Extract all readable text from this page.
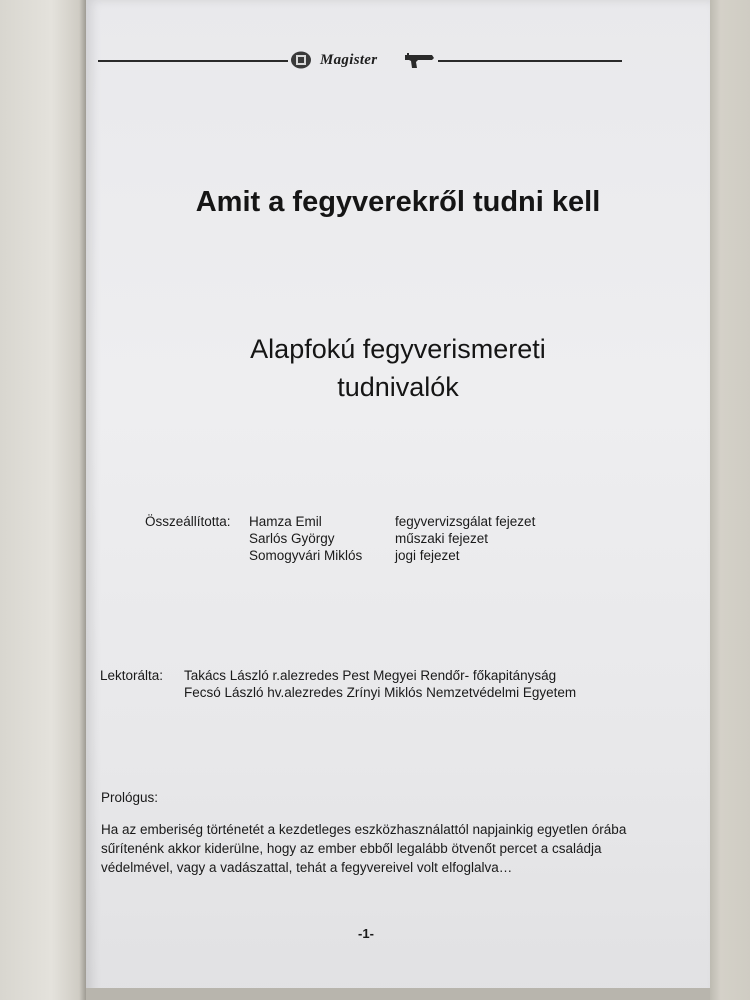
Magister
Amit a fegyverekről tudni kell
Alapfokú fegyverismereti
tudnivalók
Összeállította: Hamza Emil	fegyvervizsgálat fejezet
Sarlós György	műszaki fejezet
Somogyvári Miklós jogi fejezet
Lektorálta: Takács László r.alezredes Pest Megyei Rendőr- főkapitányság
Fecsó László hv.alezredes Zrínyi Miklós Nemzetvédelmi Egyetem
Prológus:

Ha az emberiség történetét a kezdetleges eszközhasználattól napjainkig egyetlen órába sűrítenénk akkor kiderülne, hogy az ember ebből legalább ötvenőt percet a családja védelmével, vagy a vadászattal, tehát a fegyvereivel volt elfoglalva…

-1-
